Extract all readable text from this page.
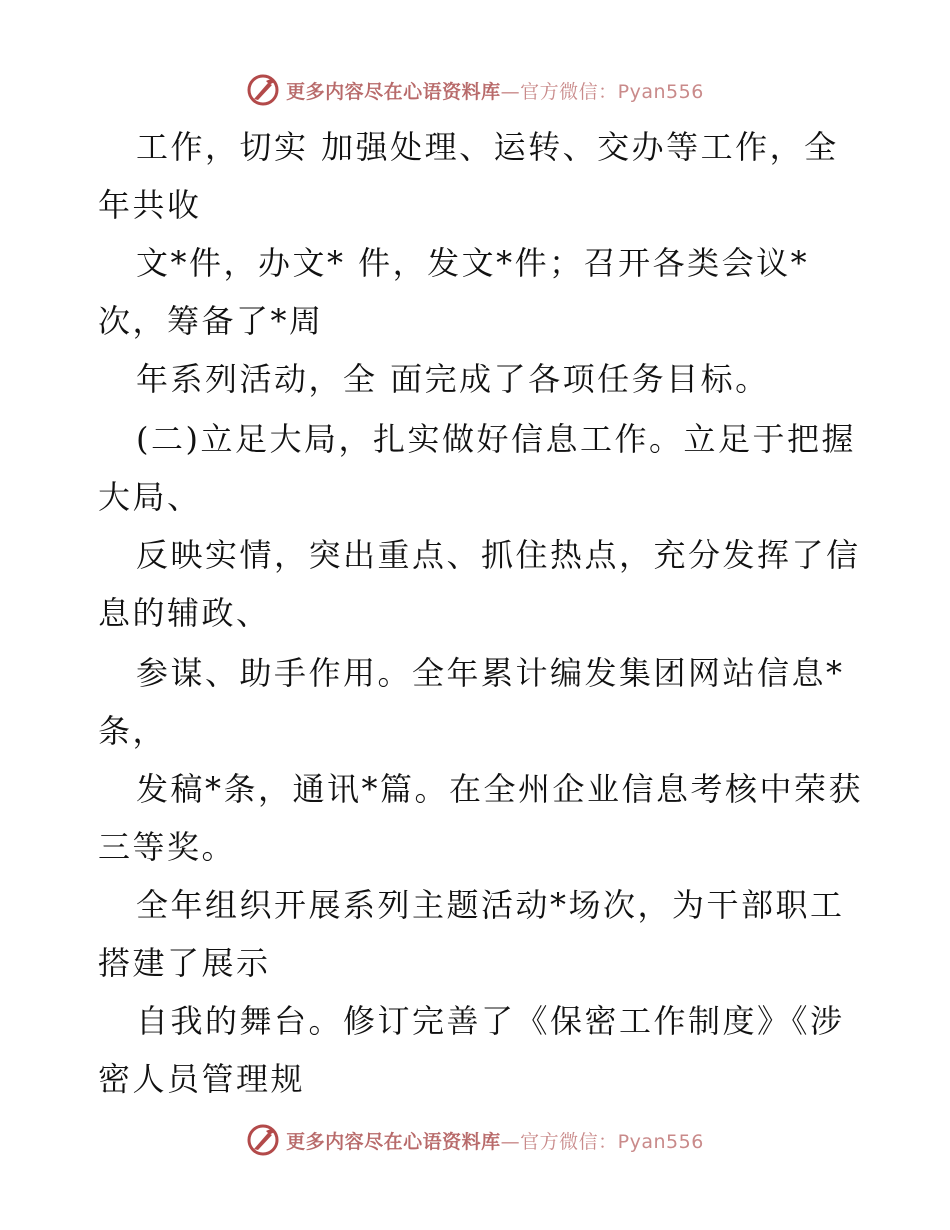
更多内容尽在心语资料库—官方微信：Pyan556
工作，切实 加强处理、运转、交办等工作，全
年共收
文*件，办文* 件，发文*件；召开各类会议*
次，筹备了*周
年系列活动，全 面完成了各项任务目标。
(二)立足大局，扎实做好信息工作。立足于把握
大局、
反映实情，突出重点、抓住热点，充分发挥了信
息的辅政、
参谋、助手作用。全年累计编发集团网站信息*
条，
发稿*条，通讯*篇。在全州企业信息考核中荣获
三等奖。
全年组织开展系列主题活动*场次，为干部职工
搭建了展示
自我的舞台。修订完善了《保密工作制度》《涉
密人员管理规
更多内容尽在心语资料库—官方微信：Pyan556
